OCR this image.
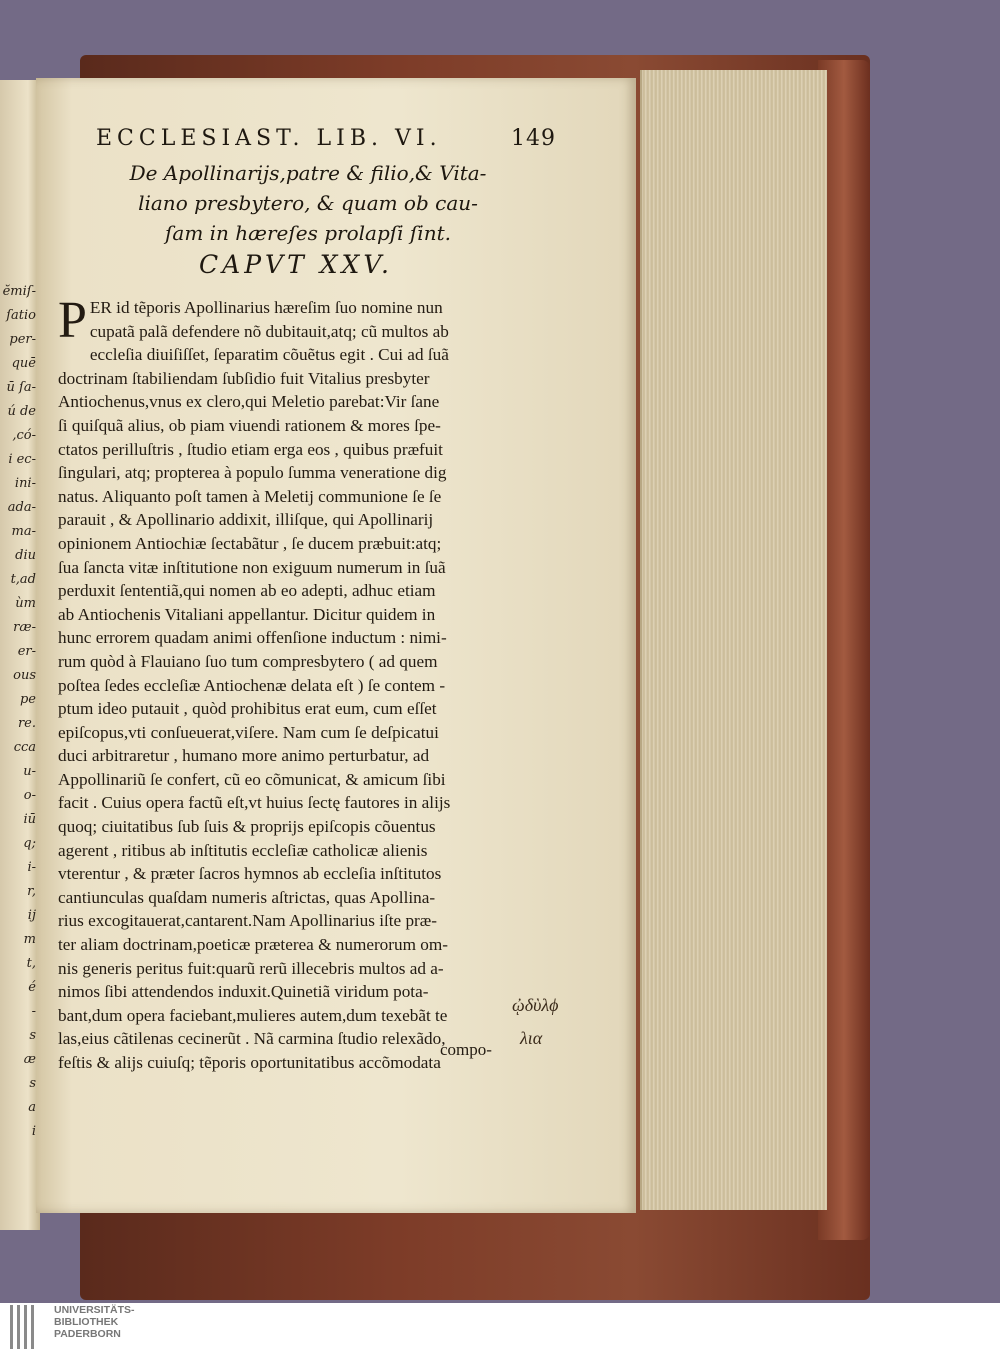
ĕmiſ-
ſatio
per-
quē
ū ſa-
ú de
,có-
i ec-
ini-
ada-
ma-
diu
t,ad
ùm
ræ-
er-
ous
pe
re.
cca
u-
o-
iū
q;
i-
r,
ij
m
t,
é
-
s
æ
s
a
i
ECCLESIAST. LIB. VI.	149
De Apollinarijs,patre & filio,& Vita-
liano presbytero, & quam ob cau-
ſam in hæreſes prolapſi ſint.
CAPVT XXV.
P ER id tẽporis Apollinarius hæreſim ſuo nomine nun
cupatã palã defendere nõ dubitauit,atq; cũ multos ab
eccleſia diuiſiſſet, ſeparatim cõuẽtus egit . Cui ad ſuã
doctrinam ſtabiliendam ſubſidio fuit Vitalius presbyter
Antiochenus,vnus ex clero,qui Meletio parebat:Vir ſane
ſi quiſquã alius, ob piam viuendi rationem & mores ſpe-
ctatos perilluſtris , ſtudio etiam erga eos , quibus præfuit
ſingulari, atq; propterea à populo ſumma veneratione dig
natus. Aliquanto poſt tamen à Meletij communione ſe ſe
parauit , & Apollinario addixit, illiſque, qui Apollinarij
opinionem Antiochiæ ſectabãtur , ſe ducem præbuit:atq;
ſua ſancta vitæ inſtitutione non exiguum numerum in ſuã
perduxit ſententiã,qui nomen ab eo adepti, adhuc etiam
ab Antiochenis Vitaliani appellantur. Dicitur quidem in
hunc errorem quadam animi offenſione inductum : nimi-
rum quòd à Flauiano ſuo tum compresbytero ( ad quem
poſtea ſedes eccleſiæ Antiochenæ delata eſt ) ſe contem -
ptum ideo putauit , quòd prohibitus erat eum, cum eſſet
epiſcopus,vti conſueuerat,viſere. Nam cum ſe deſpicatui
duci arbitraretur , humano more animo perturbatur, ad
Appollinariũ ſe confert, cũ eo cõmunicat, & amicum ſibi
facit . Cuius opera factũ eſt,vt huius ſectę fautores in alijs
quoq; ciuitatibus ſub ſuis & proprijs epiſcopis cõuentus
agerent , ritibus ab inſtitutis eccleſiæ catholicæ alienis
vterentur , & præter ſacros hymnos ab eccleſia inſtitutos
cantiunculas quaſdam numeris aſtrictas, quas Apollina-
rius excogitauerat,cantarent.Nam Apollinarius iſte præ-
ter aliam doctrinam,poeticæ præterea & numerorum om-
nis generis peritus fuit:quarũ rerũ illecebris multos ad a-
nimos ſibi attendendos induxit.Quinetiã viridum pota-
bant,dum opera faciebant,mulieres autem,dum texebãt te
las,eius cãtilenas cecinerũt . Nã carmina ſtudio relexãdo,
feſtis & alijs cuiuſq; tẽporis oportunitatibus accõmodata
compo-
ᾠδὺλϕ
λια
UNIVERSITÄTS-
BIBLIOTHEK
PADERBORN
